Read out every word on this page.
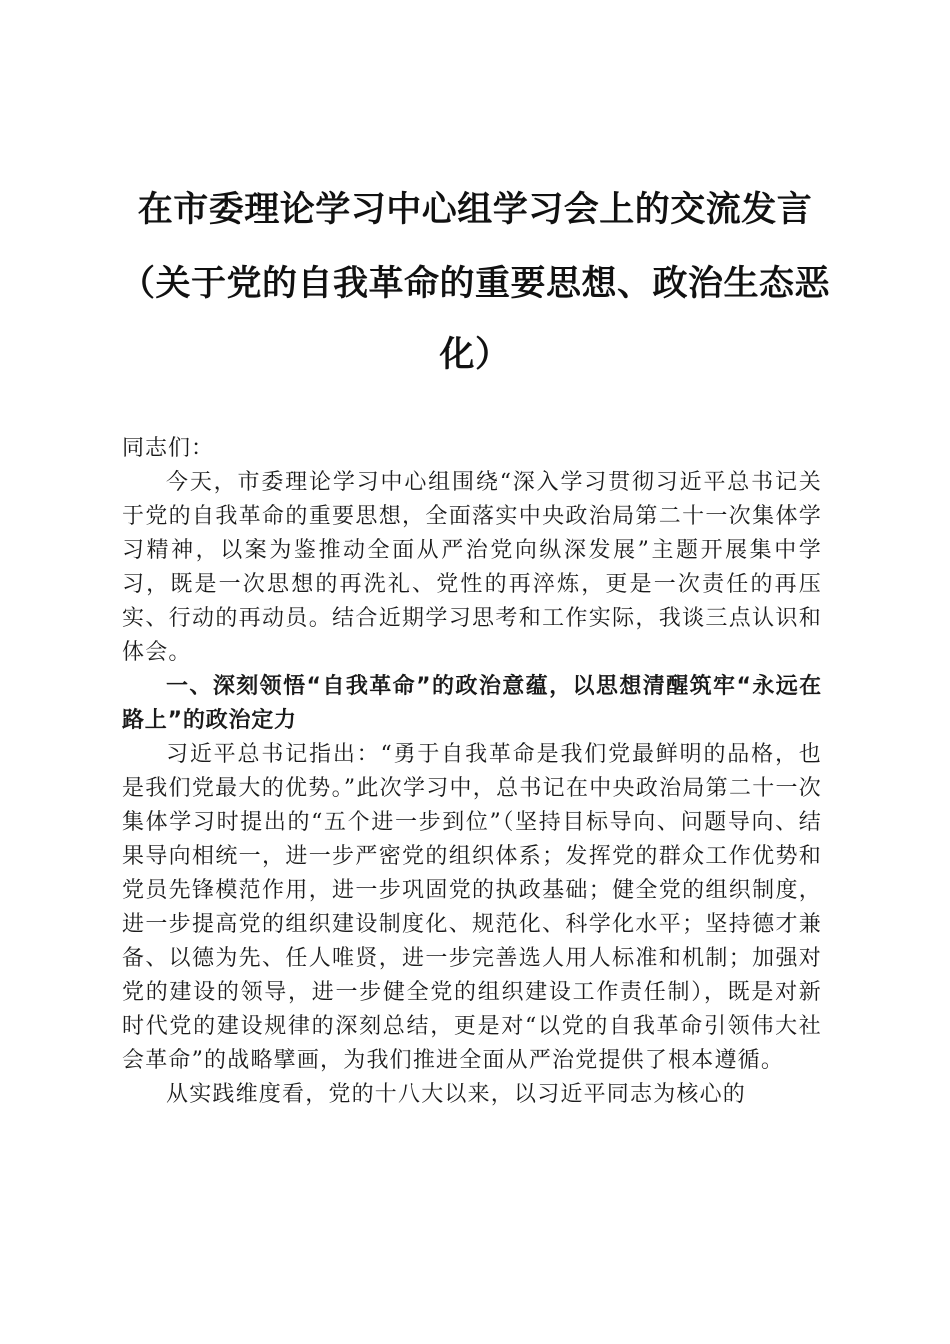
在市委理论学习中心组学习会上的交流发言
（关于党的自我革命的重要思想、政治生态恶
化）
同志们：

今天，市委理论学习中心组围绕“深入学习贯彻习近平总书记关于党的自我革命的重要思想，全面落实中央政治局第二十一次集体学习精神，以案为鉴推动全面从严治党向纵深发展”主题开展集中学习，既是一次思想的再洗礼、党性的再淬炼，更是一次责任的再压实、行动的再动员。结合近期学习思考和工作实际，我谈三点认识和体会。

一、深刻领悟“自我革命”的政治意蕴，以思想清醒筑牢“永远在路上”的政治定力

习近平总书记指出：“勇于自我革命是我们党最鲜明的品格，也是我们党最大的优势。”此次学习中，总书记在中央政治局第二十一次集体学习时提出的“五个进一步到位”（坚持目标导向、问题导向、结果导向相统一，进一步严密党的组织体系；发挥党的群众工作优势和党员先锋模范作用，进一步巩固党的执政基础；健全党的组织制度，进一步提高党的组织建设制度化、规范化、科学化水平；坚持德才兼备、以德为先、任人唯贤，进一步完善选人用人标准和机制；加强对党的建设的领导，进一步健全党的组织建设工作责任制），既是对新时代党的建设规律的深刻总结，更是对“以党的自我革命引领伟大社会革命”的战略擘画，为我们推进全面从严治党提供了根本遵循。

从实践维度看，党的十八大以来，以习近平同志为核心的
